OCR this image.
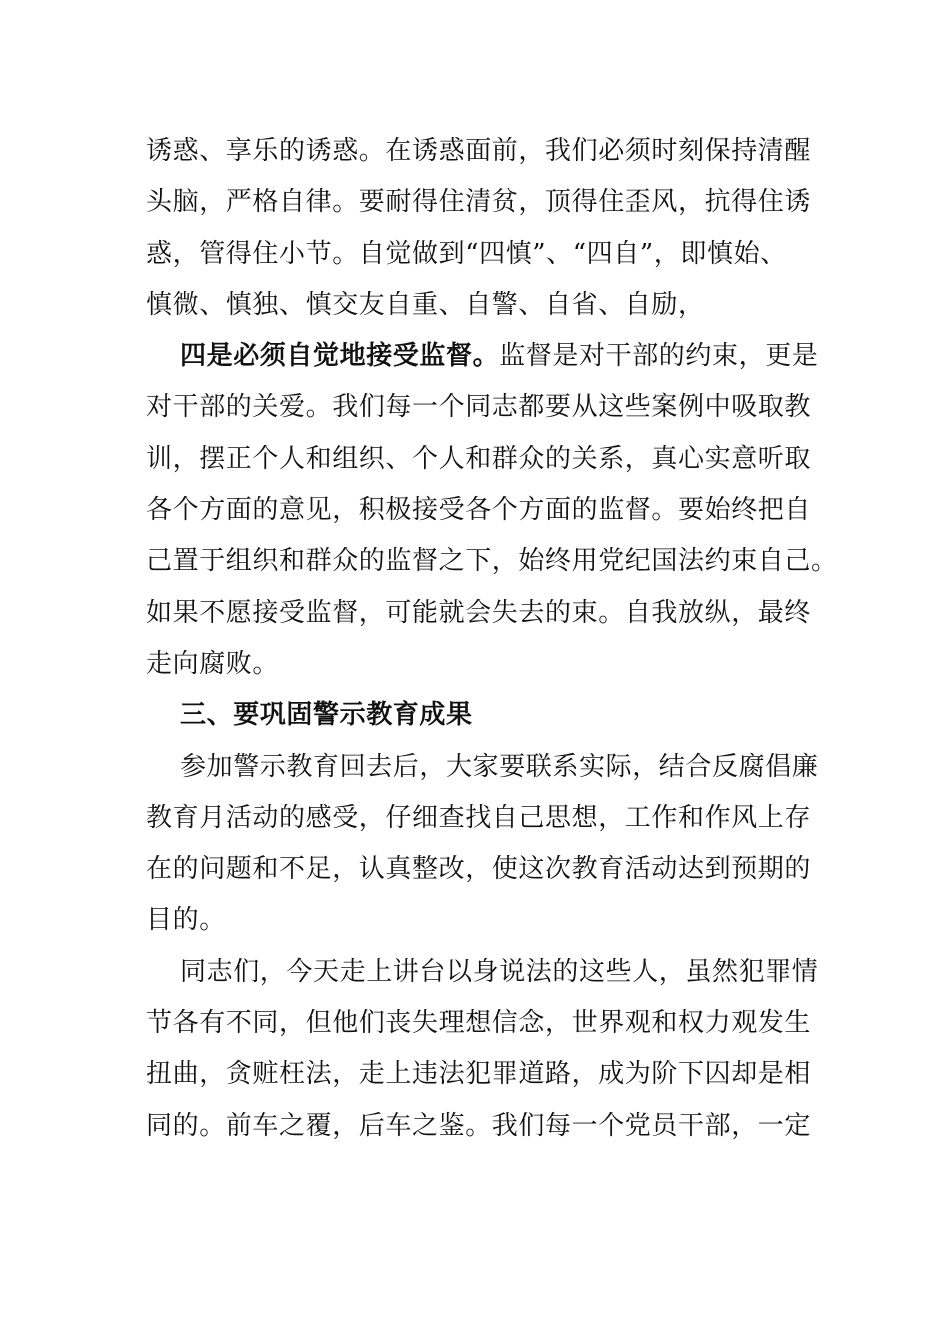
诱惑、享乐的诱惑。在诱惑面前，我们必须时刻保持清醒
头脑，严格自律。要耐得住清贫，顶得住歪风，抗得住诱
惑，管得住小节。自觉做到“四慎”、“四自”，即慎始、
慎微、慎独、慎交友自重、自警、自省、自励，

四是必须自觉地接受监督。监督是对干部的约束，更是
对干部的关爱。我们每一个同志都要从这些案例中吸取教
训，摆正个人和组织、个人和群众的关系，真心实意听取
各个方面的意见，积极接受各个方面的监督。要始终把自
己置于组织和群众的监督之下，始终用党纪国法约束自己。
如果不愿接受监督，可能就会失去的束。自我放纵，最终
走向腐败。

三、要巩固警示教育成果

参加警示教育回去后，大家要联系实际，结合反腐倡廉
教育月活动的感受，仔细查找自己思想，工作和作风上存
在的问题和不足，认真整改，使这次教育活动达到预期的
目的。

同志们，今天走上讲台以身说法的这些人，虽然犯罪情
节各有不同，但他们丧失理想信念，世界观和权力观发生
扭曲，贪赃枉法，走上违法犯罪道路，成为阶下囚却是相
同的。前车之覆，后车之鉴。我们每一个党员干部，一定
